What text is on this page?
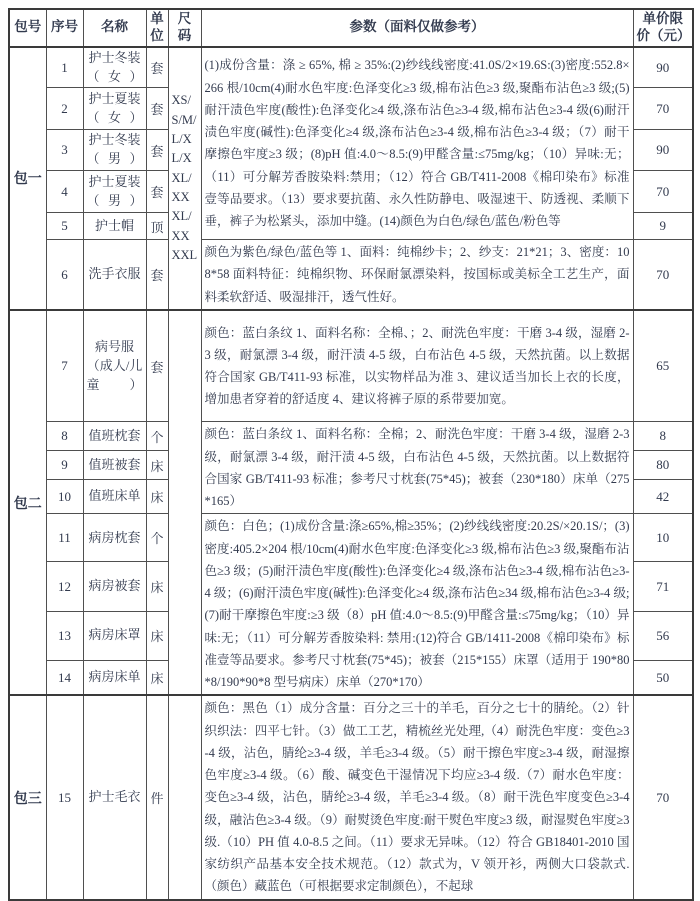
包号	序号	名称	单位	尺码	参数（面料仅做参考）	单价限价（元）
包一	1	护士冬装（女）	套	XS/S/M/L/XL/XXL/XXXL/XXXXL	(1)成份含量：涤 ≥ 65%, 棉 ≥ 35%:(2)纱线线密度:41.0S/2×19.6S:(3)密度:552.8×266 根/10cm(4)耐水色牢度:色泽变化≥3 级,棉布沾色≥3 级,聚酯布沾色≥3 级;(5)耐汗渍色牢度(酸性):色泽变化≥4 级,涤布沾色≥3-4 级,棉布沾色≥3-4 级(6)耐汗渍色牢度(碱性):色泽变化≥4 级,涤布沾色≥3-4 级,棉布沾色≥3-4 级；（7）耐干摩擦色牢度≥3 级；(8)pH 值:4.0～8.5:(9)甲醛含量:≤75mg/kg；（10）异味:无；（11）可分解芳香胺染料:禁用；（12）符合 GB/T411-2008《棉印染布》标准壹等品要求。（13）要求要抗菌、永久性防静电、吸湿速干、防透视、柔顺下垂，裤子为松紧头，添加中缝。(14)颜色为白色/绿色/蓝色/粉色等	90
	2	护士夏装（女）	套			70
	3	护士冬装（男）	套			90
	4	护士夏装（男）	套			70
	5	护士帽	顶			9
	6	洗手衣服	套		颜色为紫色/绿色/蓝色等 1、面料：纯棉纱卡；2、纱支：21*21；3、密度：108*58 面料特征：纯棉织物、环保耐氯漂染料，按国标或美标全工艺生产，面料柔软舒适、吸湿排汗，透气性好。	70
包二	7	病号服（成人/儿童）	套		颜色：蓝白条纹 1、面料名称：全棉、；2、耐洗色牢度：干磨 3-4 级，湿磨 2-3 级，耐氯漂 3-4 级，耐汗渍 4-5 级，白布沾色 4-5 级，天然抗菌。以上数据符合国家 GB/T411-93 标准，以实物样品为准 3、建议适当加长上衣的长度，增加患者穿着的舒适度 4、建议将裤子原的系带要加宽。	65
	8	值班枕套	个		颜色：蓝白条纹 1、面料名称：全棉；2、耐洗色牢度：干磨 3-4 级，湿磨 2-3 级，耐氯漂 3-4 级，耐汗渍 4-5 级，白布沾色 4-5 级，天然抗菌。以上数据符合国家 GB/T411-93 标准；参考尺寸枕套(75*45)；被套（230*180）床单（275*165）	8
	9	值班被套	床			80
	10	值班床单	床			42
	11	病房枕套	个		颜色：白色；(1)成份含量:涤≥65%,棉≥35%；(2)纱线线密度:20.2S/×20.1S/；(3)密度:405.2×204 根/10cm(4)耐水色牢度:色泽变化≥3 级,棉布沾色≥3 级,聚酯布沾色≥3 级；(5)耐汗渍色牢度(酸性):色泽变化≥4 级,涤布沾色≥3-4 级,棉布沾色≥3-4 级；(6)耐汗渍色牢度(碱性):色泽变化≥4 级,涤布沾色≥34 级,棉布沾色≥3-4 级;(7)耐干摩擦色牢度:≥3 级（8）pH 值:4.0～8.5:(9)甲醛含量:≤75mg/kg；（10）异味:无；（11）可分解芳香胺染料: 禁用:(12)符合 GB/1411-2008《棉印染布》标准壹等品要求。参考尺寸枕套(75*45)；被套（215*155）床罩（适用于 190*80*8/190*90*8 型号病床）床单（270*170）	10
	12	病房被套	床			71
	13	病房床罩	床			56
	14	病房床单	床			50
包三	15	护士毛衣	件		颜色：黑色（1）成分含量：百分之三十的羊毛，百分之七十的腈纶。（2）针织织法：四平七针。（3）做工工艺，精梳丝光处理,（4）耐洗色牢度：变色≥3-4 级，沾色，腈纶≥3-4 级，羊毛≥3-4 级。（5）耐干擦色牢度≥3-4 级，耐湿擦色牢度≥3-4 级。（6）酸、碱变色干湿情况下均应≥3-4 级.（7）耐水色牢度：变色≥3-4 级，沾色，腈纶≥3-4 级，羊毛≥3-4 级。（8）耐干洗色牢度变色≥3-4 级，融沾色≥3-4 级。（9）耐熨烫色牢度:耐干熨色牢度≥3 级，耐湿熨色牢度≥3 级.（10）PH 值 4.0-8.5 之间。（11）要求无异味。（12）符合 GB18401-2010 国家纺织产品基本安全技术规范。（12）款式为，V 领开衫，两侧大口袋款式.（颜色）藏蓝色（可根据要求定制颜色），不起球	70
